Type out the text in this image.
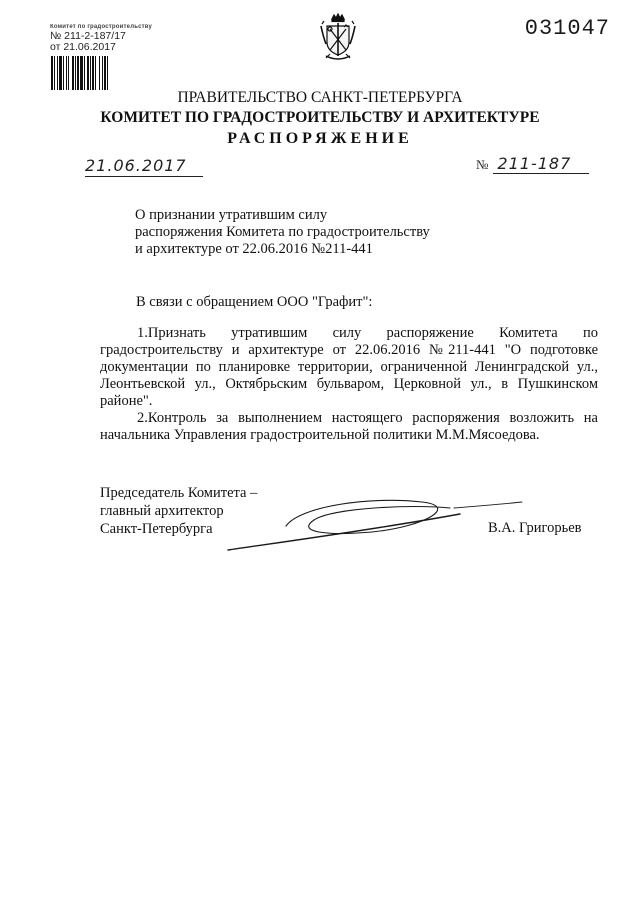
Комитет по градостроительству
№ 211-2-187/17
от 21.06.2017
031047
ПРАВИТЕЛЬСТВО САНКТ-ПЕТЕРБУРГА
КОМИТЕТ ПО ГРАДОСТРОИТЕЛЬСТВУ И АРХИТЕКТУРЕ
РАСПОРЯЖЕНИЕ
21.06.2017	№ 211-187
О признании утратившим силу
распоряжения Комитета по градостроительству
и архитектуре от 22.06.2016 №211-441
В связи с обращением ООО "Графит":
1.Признать утратившим силу распоряжение Комитета по градостроительству и архитектуре от 22.06.2016 №211-441 "О подготовке документации по планировке территории, ограниченной Ленинградской ул., Леонтьевской ул., Октябрьским бульваром, Церковной ул., в Пушкинском районе".
2.Контроль за выполнением настоящего распоряжения возложить на начальника Управления градостроительной политики М.М.Мясоедова.
Председатель Комитета –
главный архитектор
Санкт-Петербурга	В.А. Григорьев
